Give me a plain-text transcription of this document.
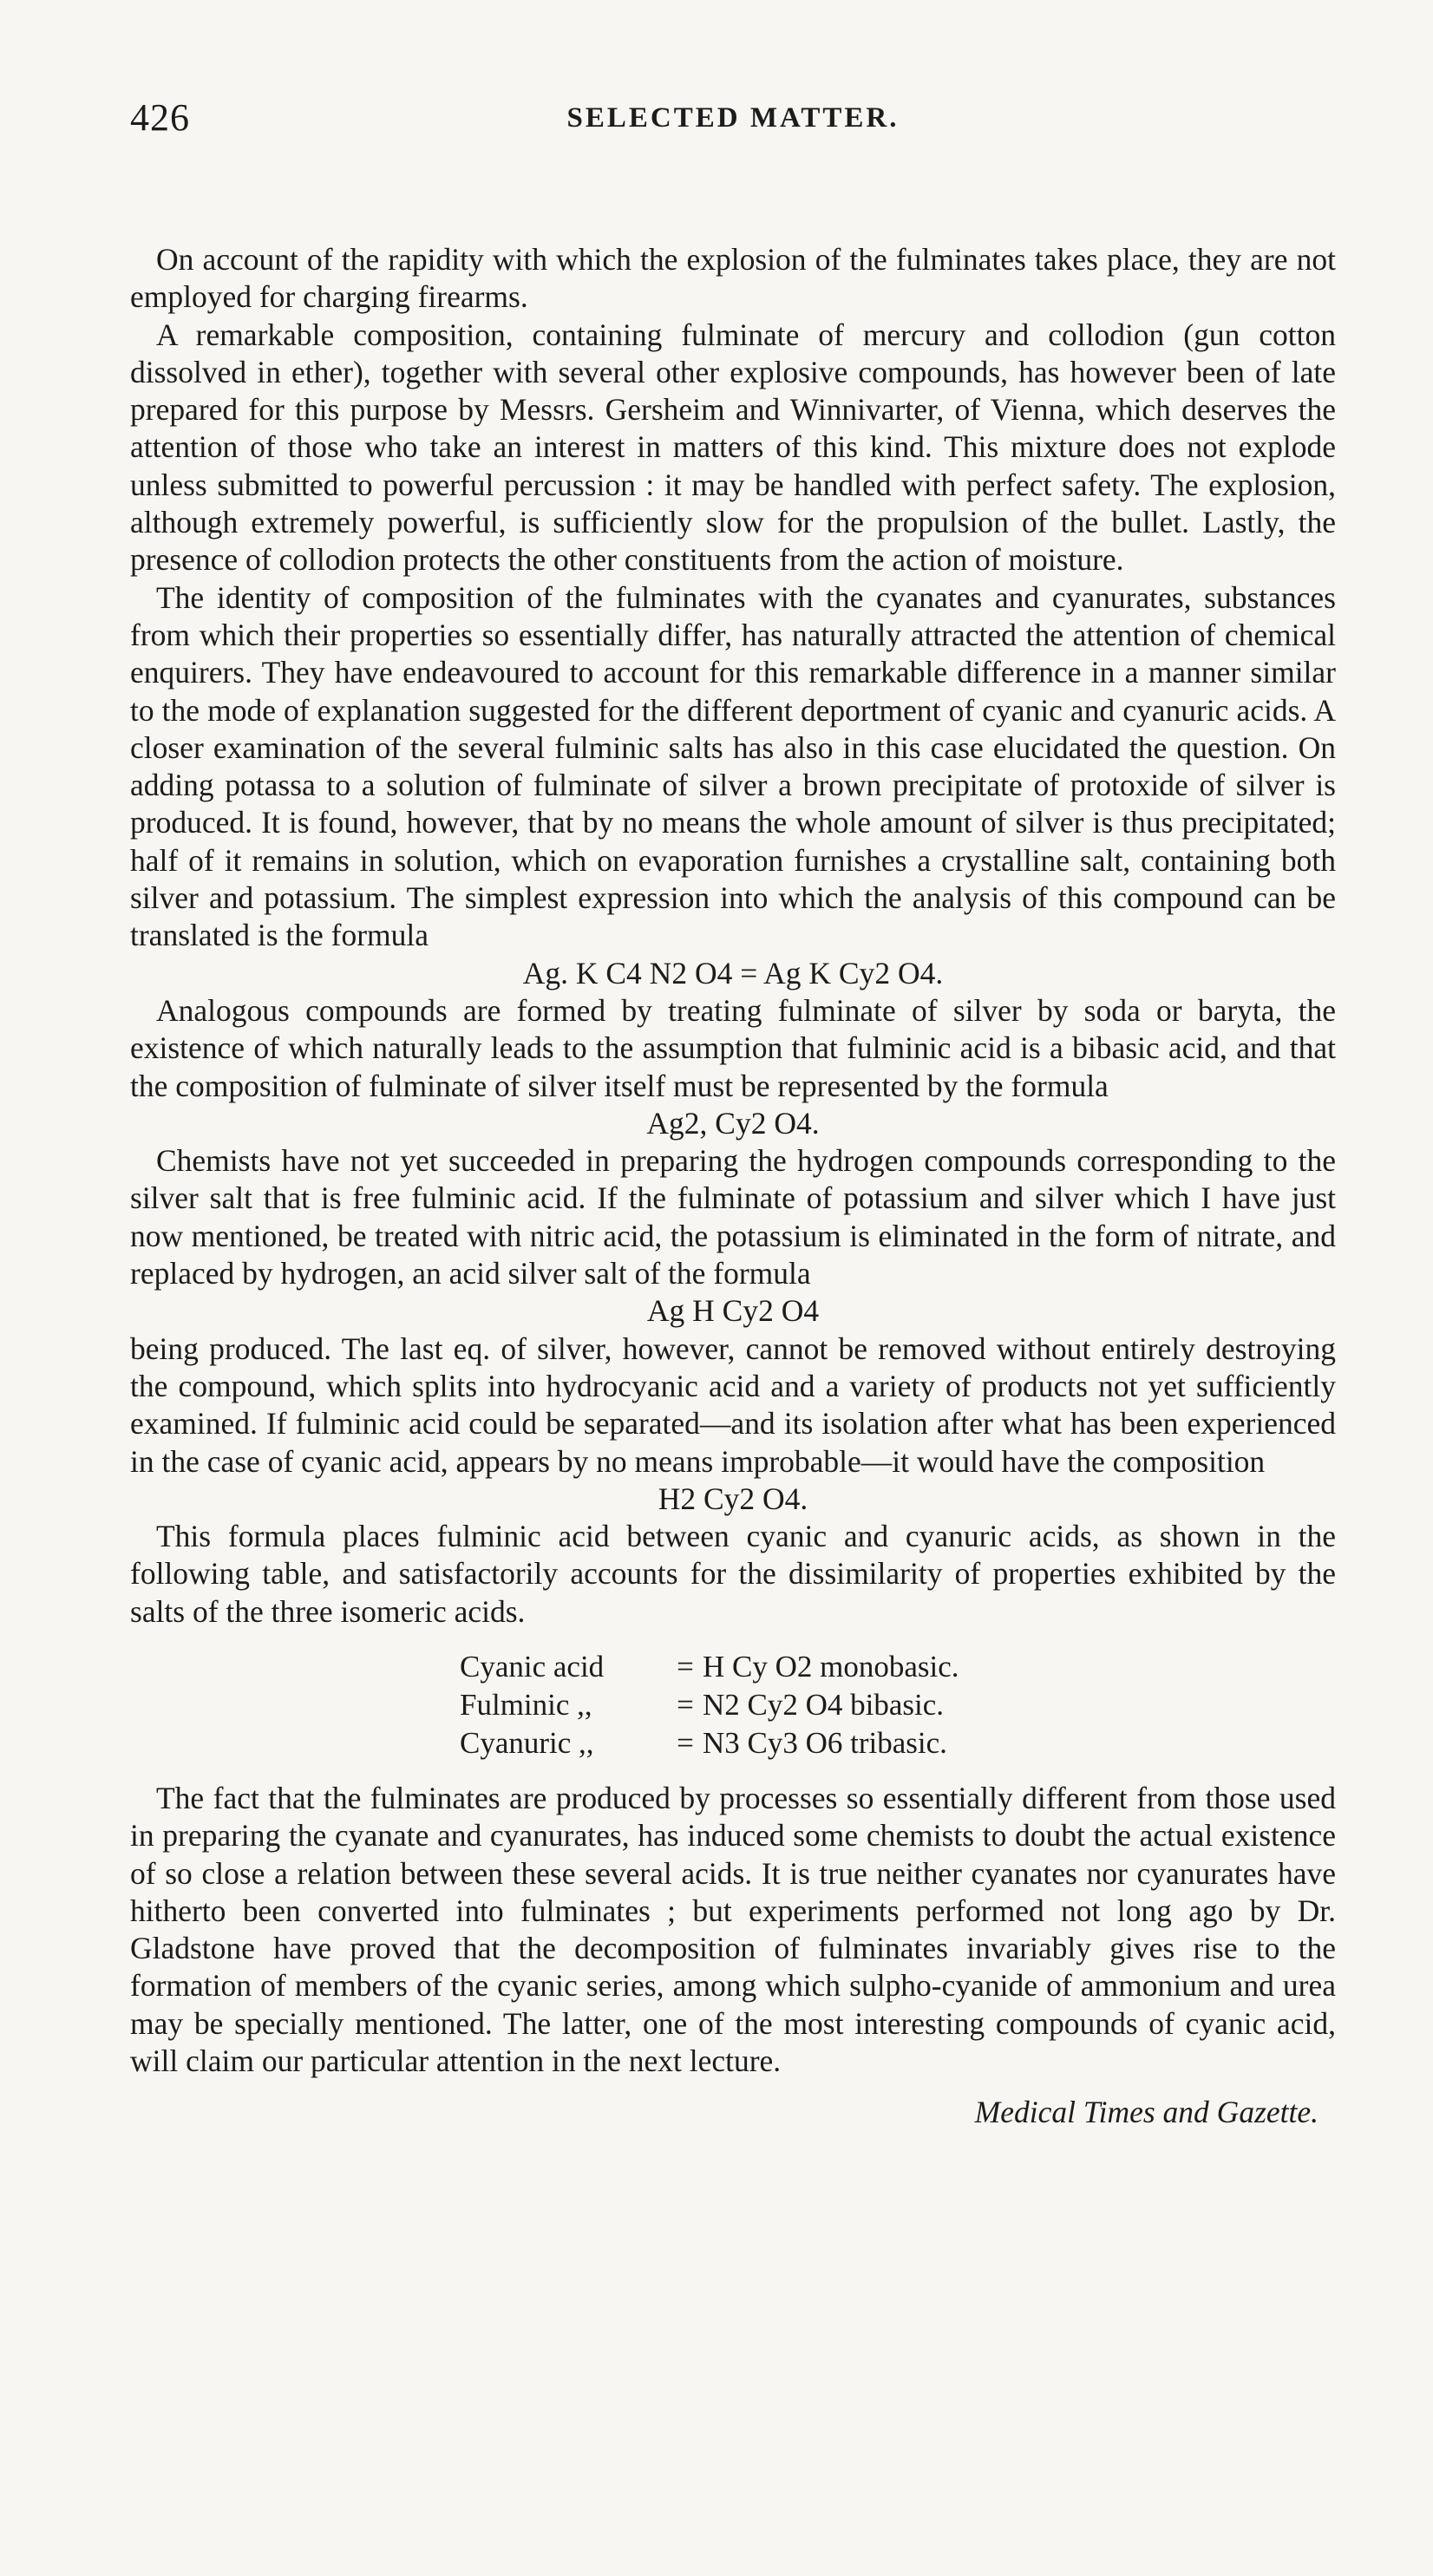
426	SELECTED MATTER.

On account of the rapidity with which the explosion of the fulminates takes place, they are not employed for charging firearms.

A remarkable composition, containing fulminate of mercury and collodion (gun cotton dissolved in ether), together with several other explosive compounds, has however been of late prepared for this purpose by Messrs. Gersheim and Winnivarter, of Vienna, which deserves the attention of those who take an interest in matters of this kind. This mixture does not explode unless submitted to powerful percussion : it may be handled with perfect safety. The explosion, although extremely powerful, is sufficiently slow for the propulsion of the bullet. Lastly, the presence of collodion protects the other constituents from the action of moisture.

The identity of composition of the fulminates with the cyanates and cyanurates, substances from which their properties so essentially differ, has naturally attracted the attention of chemical enquirers. They have endeavoured to account for this remarkable difference in a manner similar to the mode of explanation suggested for the different deportment of cyanic and cyanuric acids. A closer examination of the several fulminic salts has also in this case elucidated the question. On adding potassa to a solution of fulminate of silver a brown precipitate of protoxide of silver is produced. It is found, however, that by no means the whole amount of silver is thus precipitated; half of it remains in solution, which on evaporation furnishes a crystalline salt, containing both silver and potassium. The simplest expression into which the analysis of this compound can be translated is the formula

Ag. K C4 N2 O4 = Ag K Cy2 O4.

Analogous compounds are formed by treating fulminate of silver by soda or baryta, the existence of which naturally leads to the assumption that fulminic acid is a bibasic acid, and that the composition of fulminate of silver itself must be represented by the formula

Ag2, Cy2 O4.

Chemists have not yet succeeded in preparing the hydrogen compounds corresponding to the silver salt that is free fulminic acid. If the fulminate of potassium and silver which I have just now mentioned, be treated with nitric acid, the potassium is eliminated in the form of nitrate, and replaced by hydrogen, an acid silver salt of the formula

Ag H Cy2 O4

being produced. The last eq. of silver, however, cannot be removed without entirely destroying the compound, which splits into hydrocyanic acid and a variety of products not yet sufficiently examined. If fulminic acid could be separated—and its isolation after what has been experienced in the case of cyanic acid, appears by no means improbable—it would have the composition

H2 Cy2 O4.

This formula places fulminic acid between cyanic and cyanuric acids, as shown in the following table, and satisfactorily accounts for the dissimilarity of properties exhibited by the salts of the three isomeric acids.

Cyanic acid = H Cy O2 monobasic.
Fulminic ,,	= N2 Cy2 O4 bibasic.
Cyanuric ,,	= N3 Cy3 O6 tribasic.

The fact that the fulminates are produced by processes so essentially different from those used in preparing the cyanate and cyanurates, has induced some chemists to doubt the actual existence of so close a relation between these several acids. It is true neither cyanates nor cyanurates have hitherto been converted into fulminates ; but experiments performed not long ago by Dr. Gladstone have proved that the decomposition of fulminates invariably gives rise to the formation of members of the cyanic series, among which sulpho-cyanide of ammonium and urea may be specially mentioned. The latter, one of the most interesting compounds of cyanic acid, will claim our particular attention in the next lecture.

Medical Times and Gazette.
